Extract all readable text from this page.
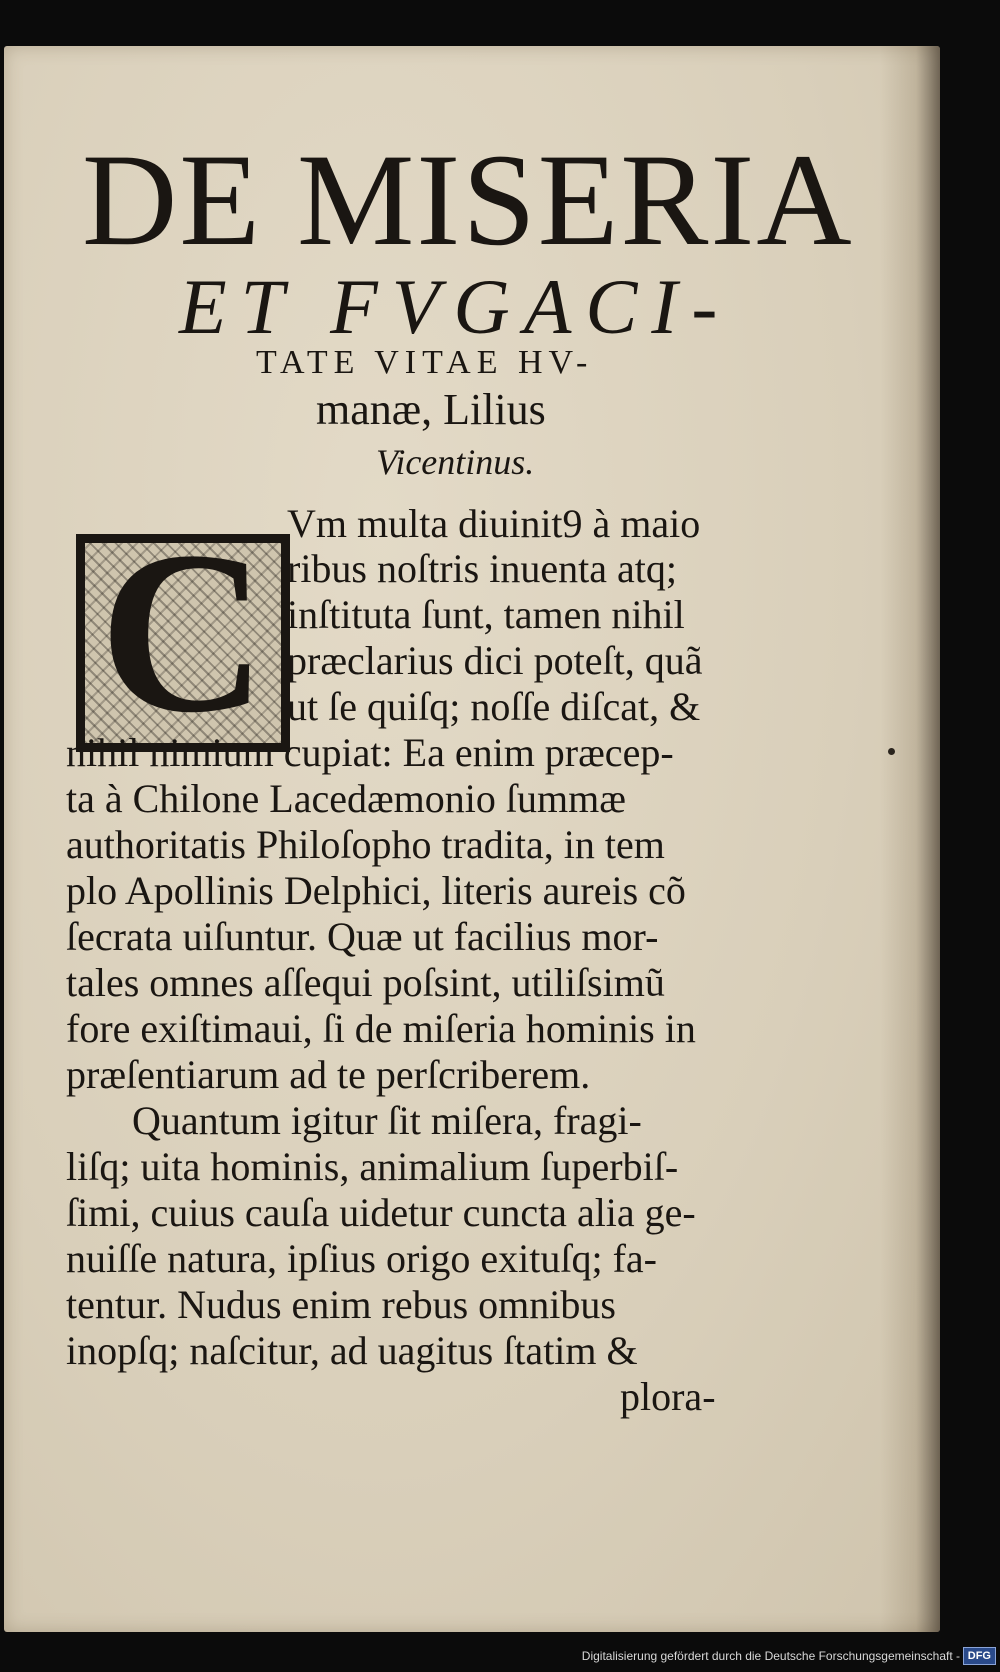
DE MISERIA
ET FVGACI-
TATE VITAE HV-
manæ, Lilius
Vicentinus.
C Vm multa diuinit9 à maio
ribus noſtris inuenta atq;
inſtituta ſunt, tamen nihil
præclarius dici poteſt, quã
ut ſe quiſq; noſſe diſcat, &
nihil nimium cupiat: Ea enim præcep-
ta à Chilone Lacedæmonio ſummæ
authoritatis Philoſopho tradita, in tem
plo Apollinis Delphici, literis aureis cõ
ſecrata uiſuntur. Quæ ut facilius mor-
tales omnes aſſequi poſsint, utiliſsimũ
fore exiſtimaui, ſi de miſeria hominis in
præſentiarum ad te perſcriberem.
Quantum igitur ſit miſera, fragi-
liſq; uita hominis, animalium ſuperbiſ-
ſimi, cuius cauſa uidetur cuncta alia ge-
nuiſſe natura, ipſius origo exituſq; fa-
tentur. Nudus enim rebus omnibus
inopſq; naſcitur, ad uagitus ſtatim &
plora-
Digitalisierung gefördert durch die Deutsche Forschungsgemeinschaft - DFG
